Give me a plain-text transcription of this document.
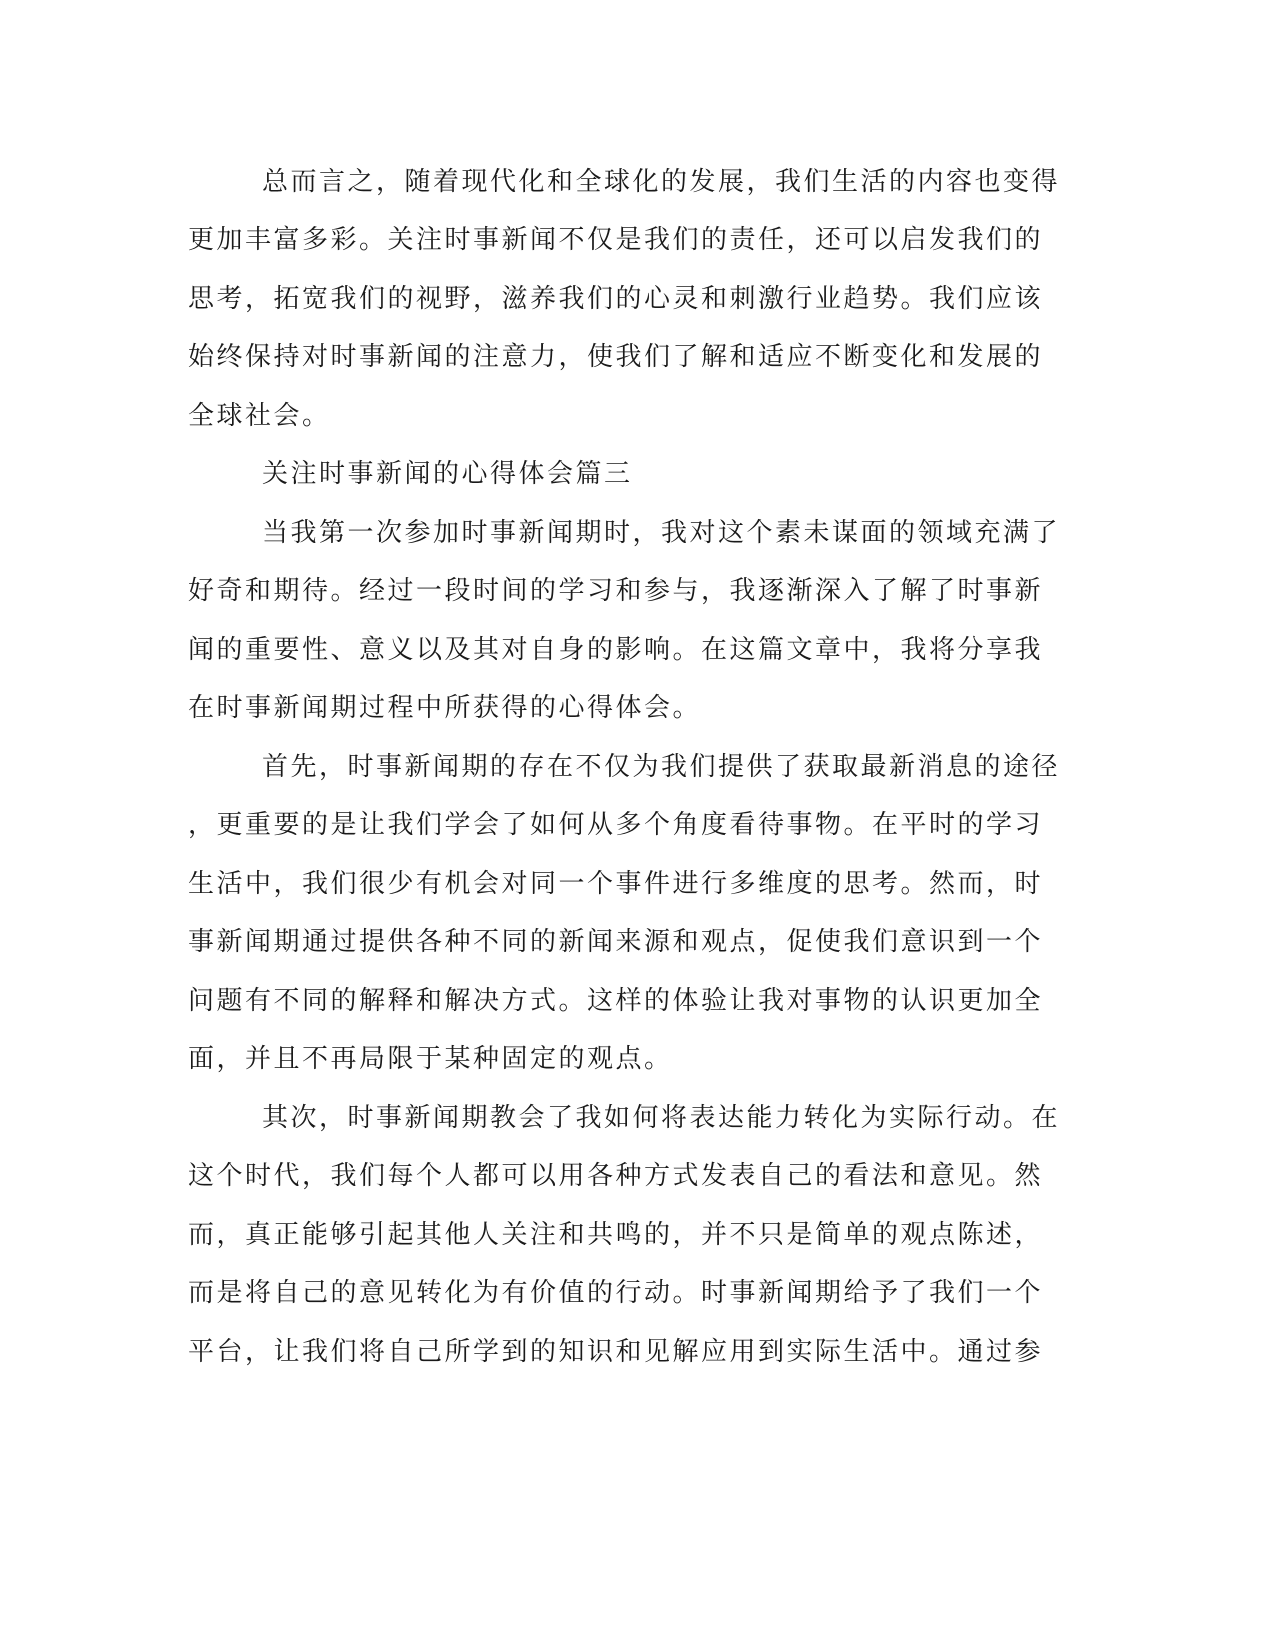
总而言之，随着现代化和全球化的发展，我们生活的内容也变得
更加丰富多彩。关注时事新闻不仅是我们的责任，还可以启发我们的
思考，拓宽我们的视野，滋养我们的心灵和刺激行业趋势。我们应该
始终保持对时事新闻的注意力，使我们了解和适应不断变化和发展的
全球社会。
关注时事新闻的心得体会篇三
当我第一次参加时事新闻期时，我对这个素未谋面的领域充满了
好奇和期待。经过一段时间的学习和参与，我逐渐深入了解了时事新
闻的重要性、意义以及其对自身的影响。在这篇文章中，我将分享我
在时事新闻期过程中所获得的心得体会。
首先，时事新闻期的存在不仅为我们提供了获取最新消息的途径
，更重要的是让我们学会了如何从多个角度看待事物。在平时的学习
生活中，我们很少有机会对同一个事件进行多维度的思考。然而，时
事新闻期通过提供各种不同的新闻来源和观点，促使我们意识到一个
问题有不同的解释和解决方式。这样的体验让我对事物的认识更加全
面，并且不再局限于某种固定的观点。
其次，时事新闻期教会了我如何将表达能力转化为实际行动。在
这个时代，我们每个人都可以用各种方式发表自己的看法和意见。然
而，真正能够引起其他人关注和共鸣的，并不只是简单的观点陈述，
而是将自己的意见转化为有价值的行动。时事新闻期给予了我们一个
平台，让我们将自己所学到的知识和见解应用到实际生活中。通过参
